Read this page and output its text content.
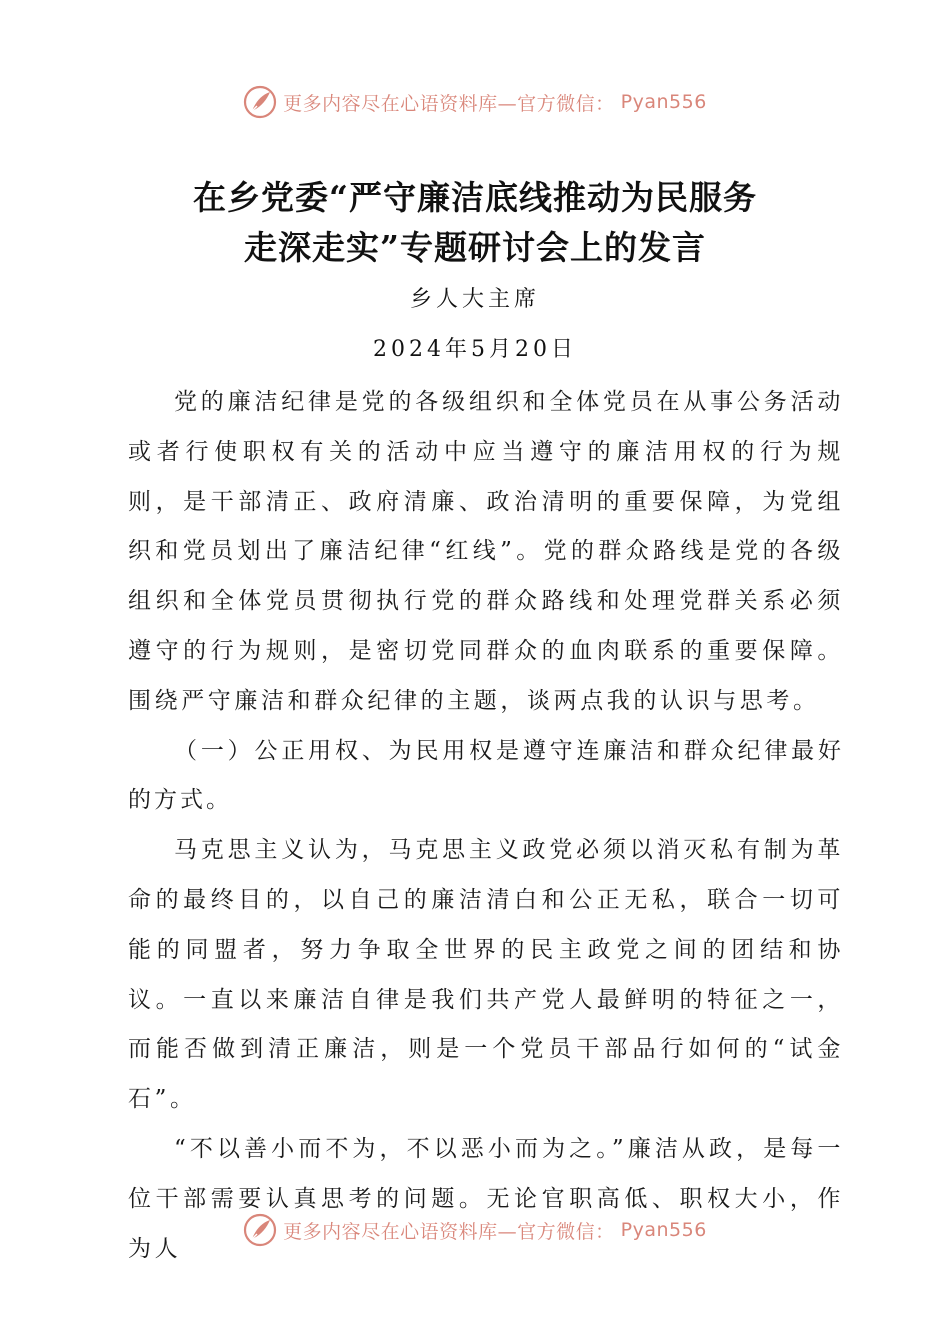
更多内容尽在心语资料库—官方微信： Pyan556
在乡党委“严守廉洁底线推动为民服务
走深走实”专题研讨会上的发言
乡人大主席
2024年5月20日

党的廉洁纪律是党的各级组织和全体党员在从事公务活动或者行使职权有关的活动中应当遵守的廉洁用权的行为规则，是干部清正、政府清廉、政治清明的重要保障，为党组织和党员划出了廉洁纪律“红线”。党的群众路线是党的各级组织和全体党员贯彻执行党的群众路线和处理党群关系必须遵守的行为规则，是密切党同群众的血肉联系的重要保障。围绕严守廉洁和群众纪律的主题，谈两点我的认识与思考。

（一）公正用权、为民用权是遵守连廉洁和群众纪律最好的方式。

马克思主义认为，马克思主义政党必须以消灭私有制为革命的最终目的，以自己的廉洁清白和公正无私，联合一切可能的同盟者，努力争取全世界的民主政党之间的团结和协议。一直以来廉洁自律是我们共产党人最鲜明的特征之一，而能否做到清正廉洁，则是一个党员干部品行如何的“试金石”。

“不以善小而不为，不以恶小而为之。”廉洁从政，是每一位干部需要认真思考的问题。无论官职高低、职权大小，作为人

更多内容尽在心语资料库—官方微信： Pyan556
